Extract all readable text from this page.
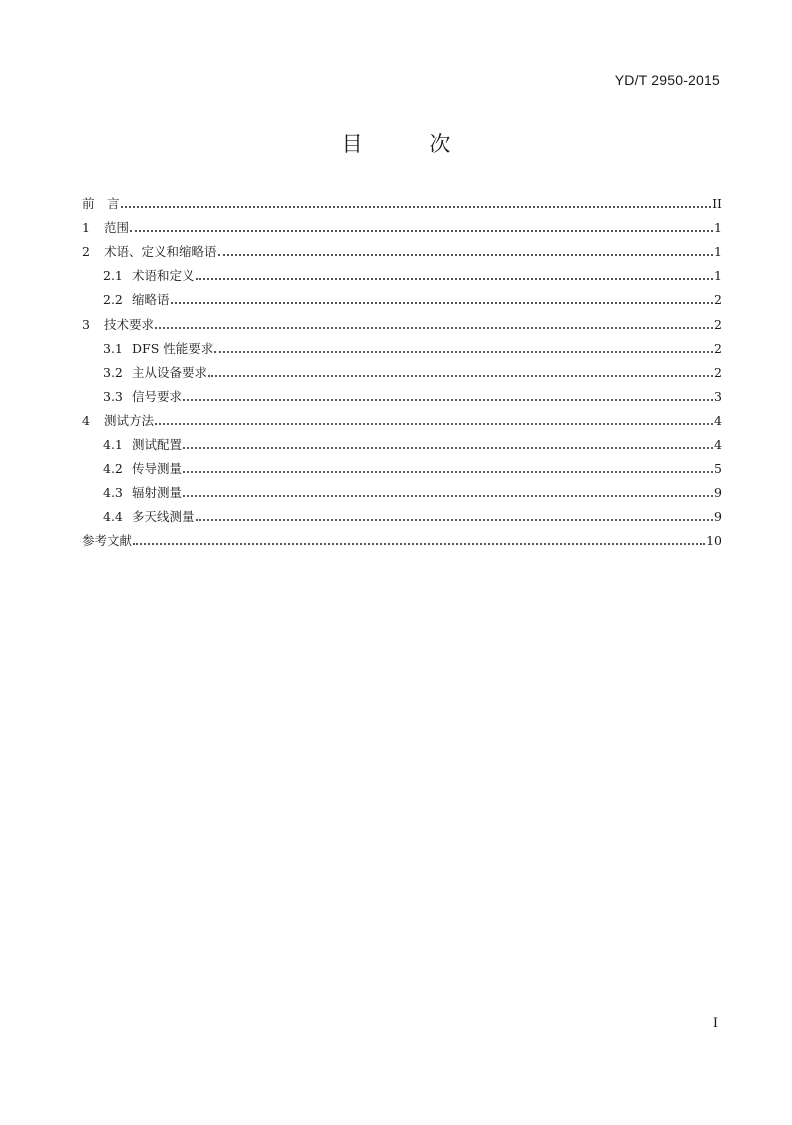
YD/T 2950-2015
目 次
前　言	II
1	范围	1
2	术语、定义和缩略语	1
2.1 术语和定义	1
2.2 缩略语	2
3	技术要求	2
3.1 DFS 性能要求	2
3.2 主从设备要求	2
3.3 信号要求	3
4	测试方法	4
4.1 测试配置	4
4.2 传导测量	5
4.3 辐射测量	9
4.4 多天线测量	9
参考文献	10
I
